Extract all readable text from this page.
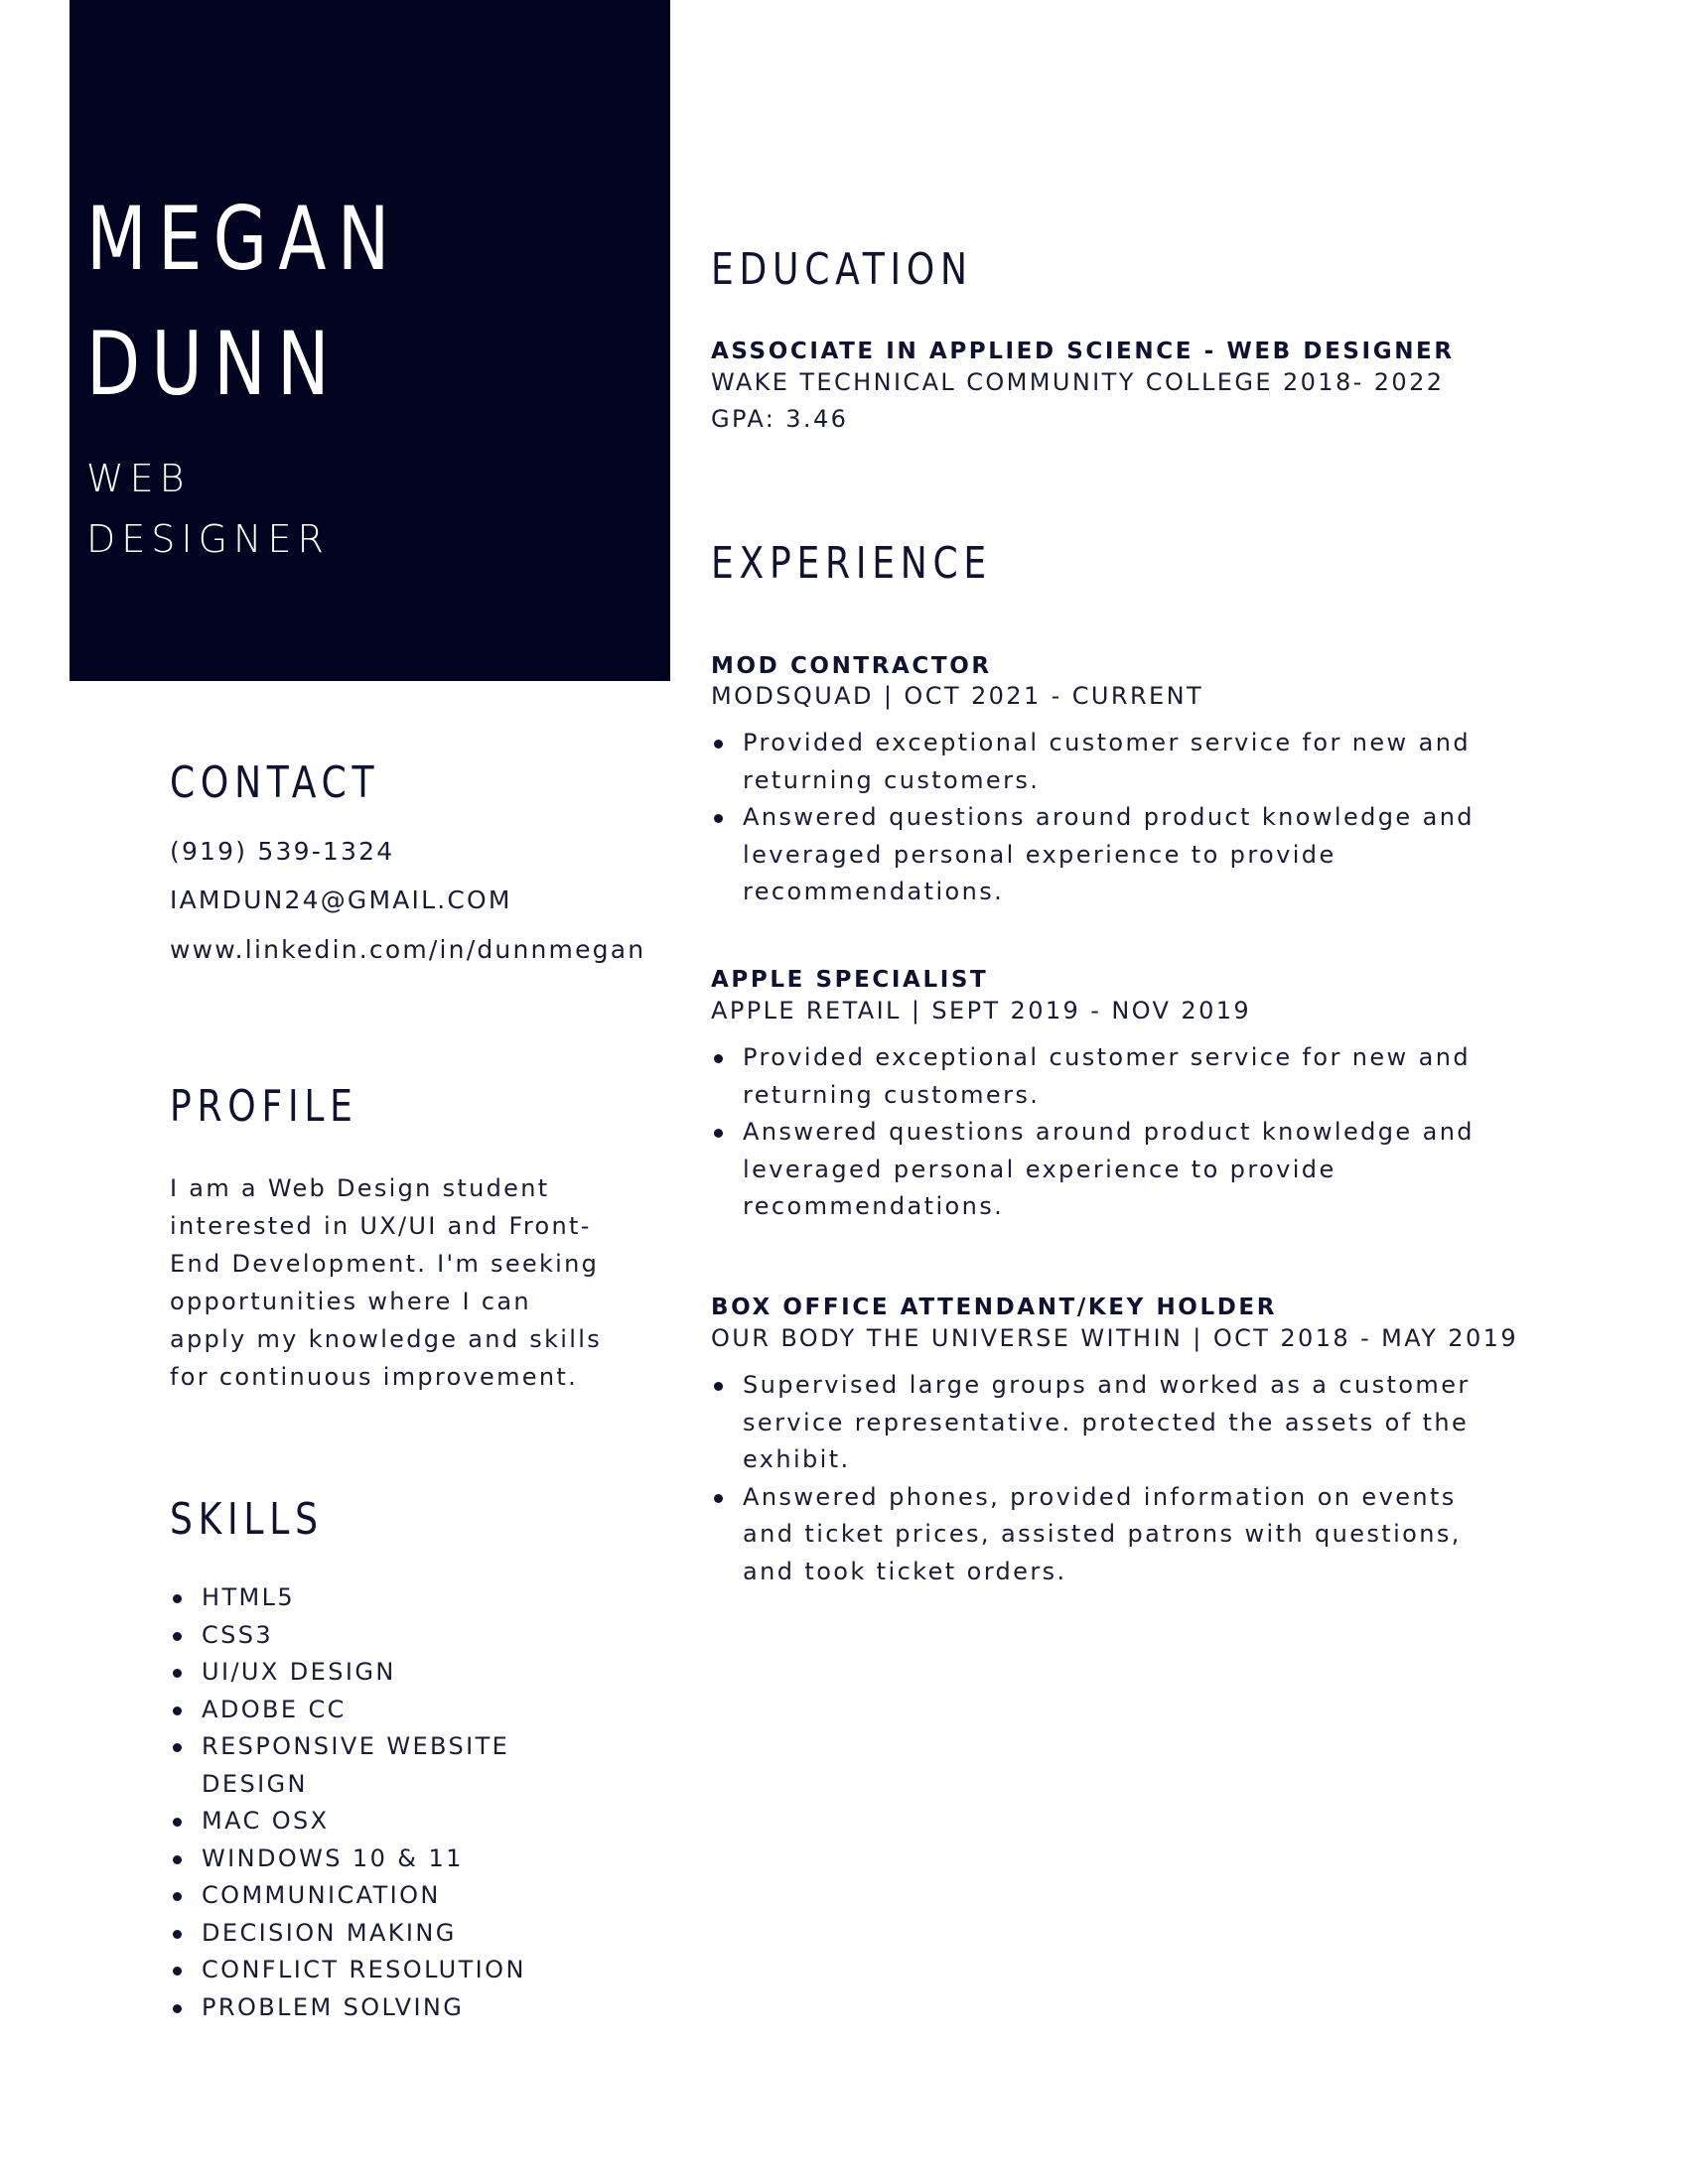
MEGAN
DUNN
WEB
DESIGNER
CONTACT
(919) 539-1324
IAMDUN24@GMAIL.COM
www.linkedin.com/in/dunnmegan
PROFILE

I am a Web Design student interested in UX/UI and Front-End Development. I'm seeking opportunities where I can apply my knowledge and skills for continuous improvement.

SKILLS
HTML5
CSS3
UI/UX DESIGN
ADOBE CC
RESPONSIVE WEBSITE DESIGN
MAC OSX
WINDOWS 10 & 11
COMMUNICATION
DECISION MAKING
CONFLICT RESOLUTION
PROBLEM SOLVING
EDUCATION
ASSOCIATE IN APPLIED SCIENCE - WEB DESIGNER
WAKE TECHNICAL COMMUNITY COLLEGE 2018- 2022
GPA: 3.46
EXPERIENCE
MOD CONTRACTOR
MODSQUAD | OCT 2021 - CURRENT
Provided exceptional customer service for new and returning customers.
Answered questions around product knowledge and leveraged personal experience to provide recommendations.
APPLE SPECIALIST
APPLE RETAIL | SEPT 2019 - NOV 2019
Provided exceptional customer service for new and returning customers.
Answered questions around product knowledge and leveraged personal experience to provide recommendations.
BOX OFFICE ATTENDANT/KEY HOLDER
OUR BODY THE UNIVERSE WITHIN | OCT 2018 - MAY 2019
Supervised large groups and worked as a customer service representative. protected the assets of the exhibit.
Answered phones, provided information on events and ticket prices, assisted patrons with questions, and took ticket orders.
